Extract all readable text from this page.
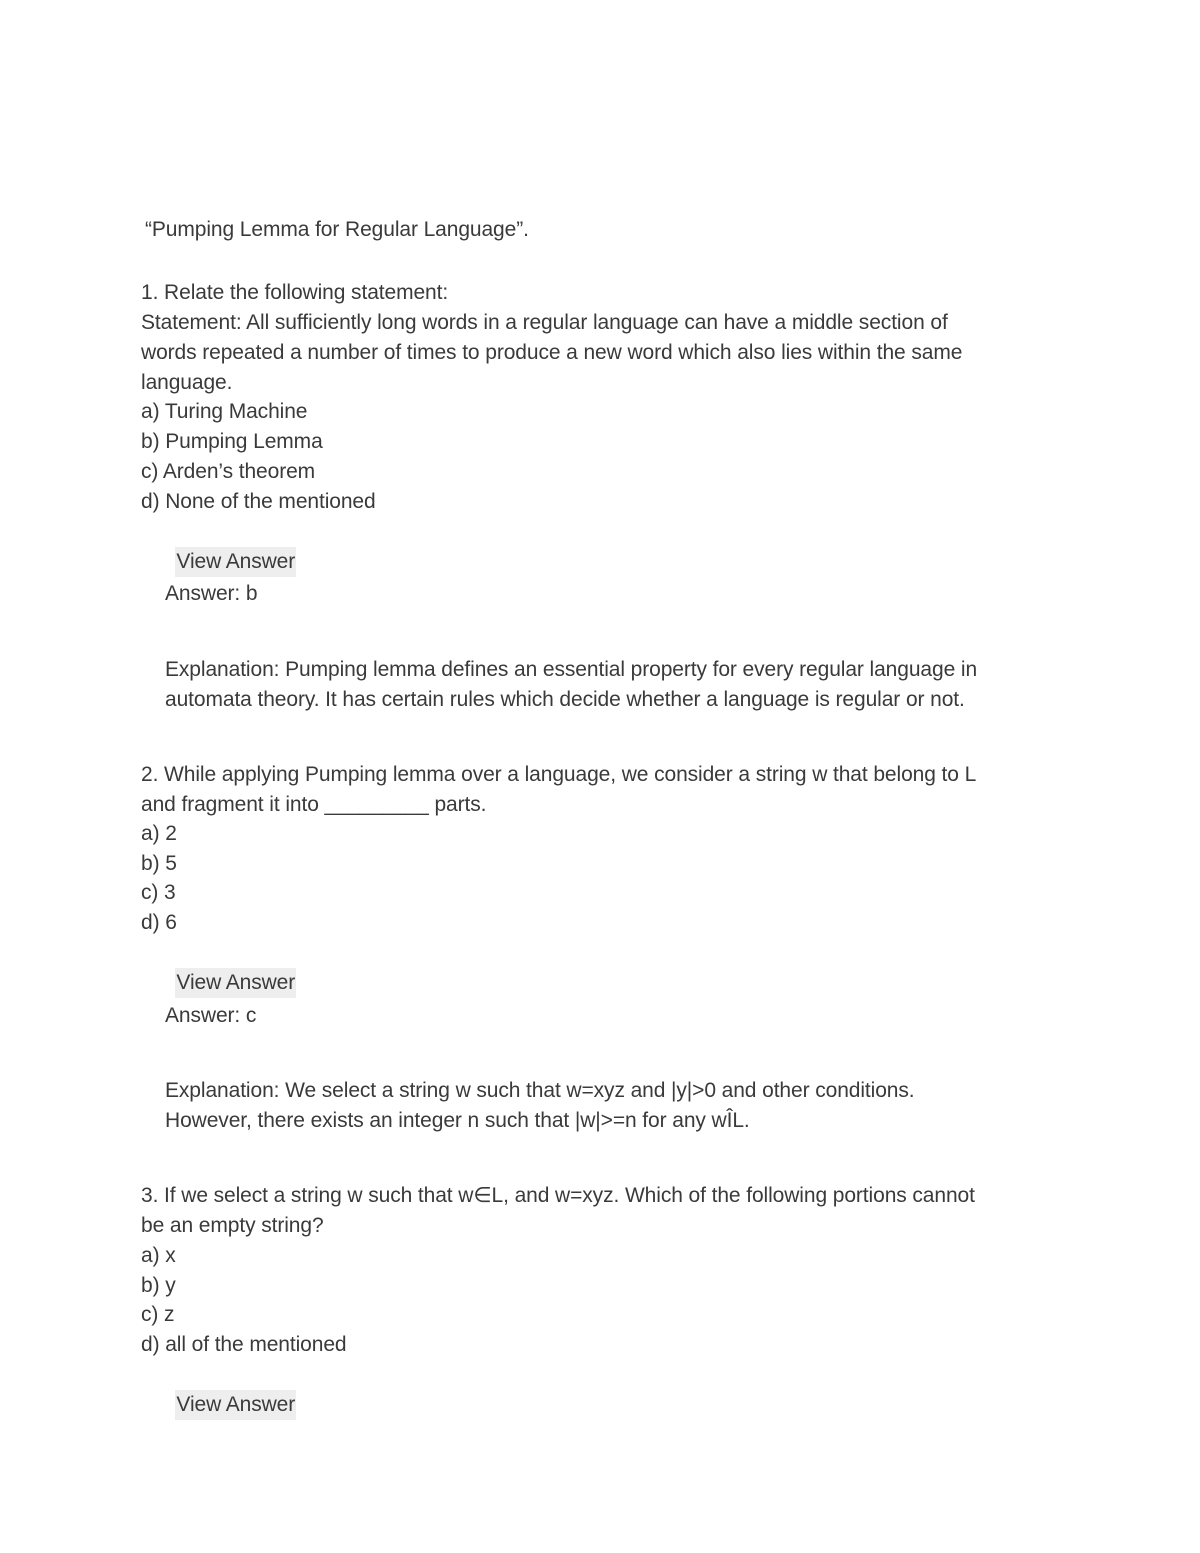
“Pumping Lemma for Regular Language”.
1. Relate the following statement:
Statement: All sufficiently long words in a regular language can have a middle section of
words repeated a number of times to produce a new word which also lies within the same
language.
a) Turing Machine
b) Pumping Lemma
c) Arden’s theorem
d) None of the mentioned

View Answer

Answer: b
Explanation: Pumping lemma defines an essential property for every regular language in
automata theory. It has certain rules which decide whether a language is regular or not.
2. While applying Pumping lemma over a language, we consider a string w that belong to L
and fragment it into _________ parts.
a) 2
b) 5
c) 3
d) 6

View Answer

Answer: c
Explanation: We select a string w such that w=xyz and |y|>0 and other conditions.
However, there exists an integer n such that |w|>=n for any wÎL.
3. If we select a string w such that w∈L, and w=xyz. Which of the following portions cannot
be an empty string?
a) x
b) y
c) z
d) all of the mentioned

View Answer
